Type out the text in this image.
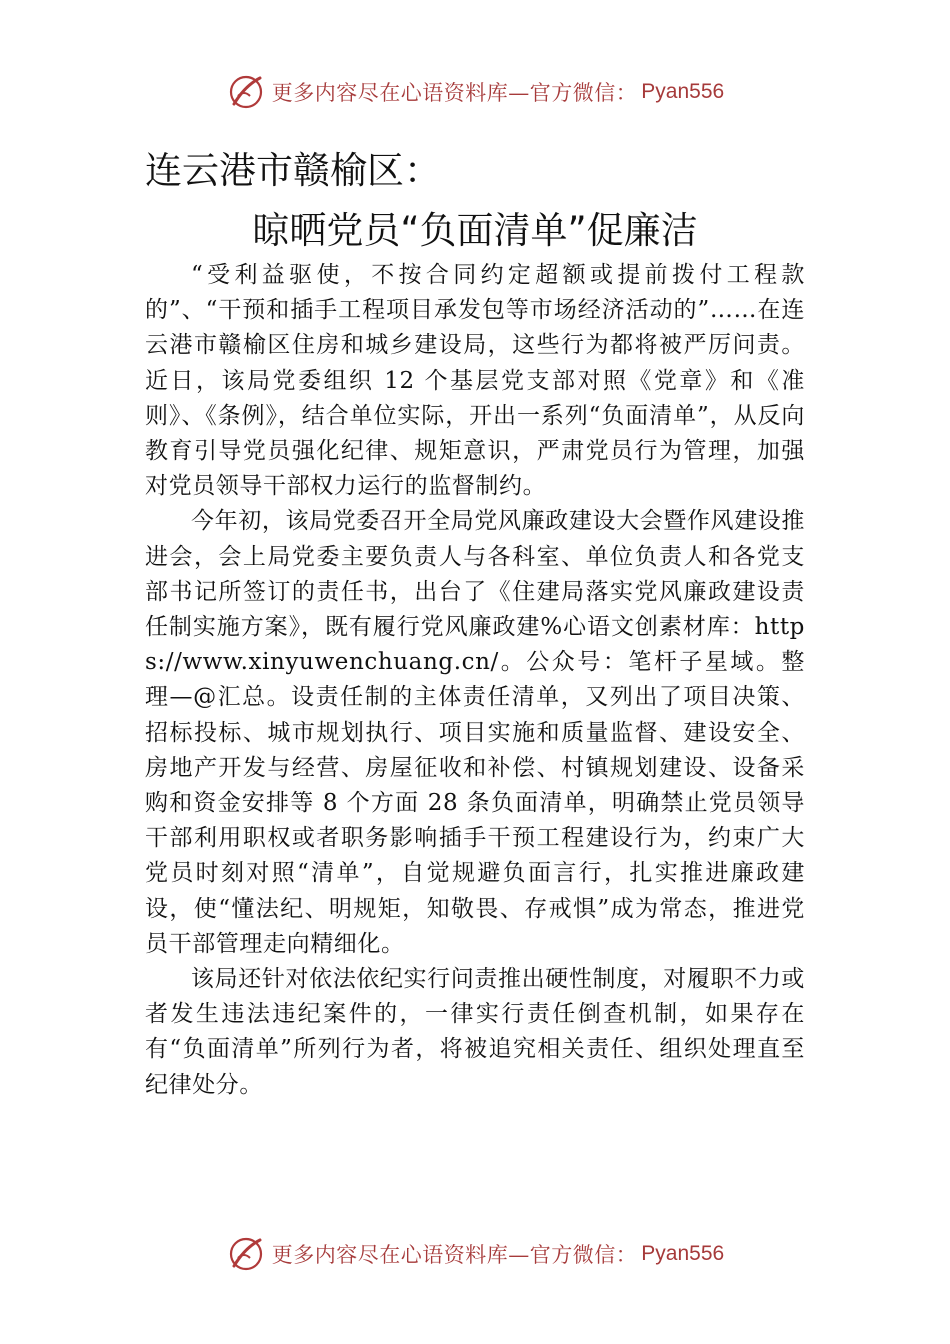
更多内容尽在心语资料库—官方微信： Pyan556
连云港市赣榆区：
晾晒党员“负面清单”促廉洁

“受利益驱使，不按合同约定超额或提前拨付工程款的”、“干预和插手工程项目承发包等市场经济活动的”……在连云港市赣榆区住房和城乡建设局，这些行为都将被严厉问责。近日，该局党委组织 12 个基层党支部对照《党章》和《准则》、《条例》，结合单位实际，开出一系列“负面清单”，从反向教育引导党员强化纪律、规矩意识，严肃党员行为管理，加强对党员领导干部权力运行的监督制约。

今年初，该局党委召开全局党风廉政建设大会暨作风建设推进会，会上局党委主要负责人与各科室、单位负责人和各党支部书记所签订的责任书，出台了《住建局落实党风廉政建设责任制实施方案》，既有履行党风廉政建%心语文创素材库：https://www.xinyuwenchuang.cn/。公众号：笔杆子星域。整理—@汇总。设责任制的主体责任清单，又列出了项目决策、招标投标、城市规划执行、项目实施和质量监督、建设安全、房地产开发与经营、房屋征收和补偿、村镇规划建设、设备采购和资金安排等 8 个方面 28 条负面清单，明确禁止党员领导干部利用职权或者职务影响插手干预工程建设行为，约束广大党员时刻对照“清单”，自觉规避负面言行，扎实推进廉政建设，使“懂法纪、明规矩，知敬畏、存戒惧”成为常态，推进党员干部管理走向精细化。

该局还针对依法依纪实行问责推出硬性制度，对履职不力或者发生违法违纪案件的，一律实行责任倒查机制，如果存在有“负面清单”所列行为者，将被追究相关责任、组织处理直至纪律处分。

更多内容尽在心语资料库—官方微信： Pyan556
